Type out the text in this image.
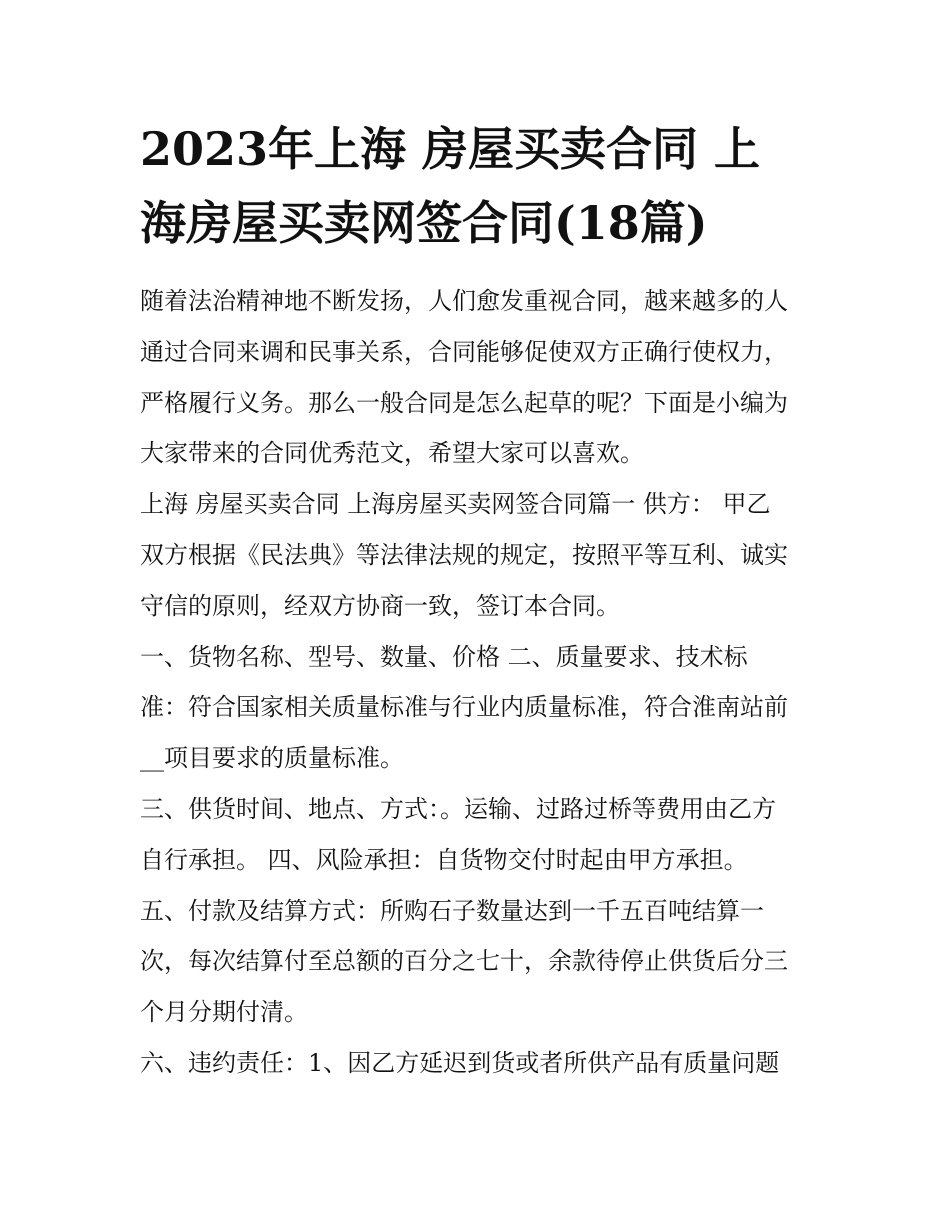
2023年上海 房屋买卖合同 上
海房屋买卖网签合同(18篇)

随着法治精神地不断发扬，人们愈发重视合同，越来越多的人
通过合同来调和民事关系，合同能够促使双方正确行使权力，
严格履行义务。那么一般合同是怎么起草的呢？下面是小编为
大家带来的合同优秀范文，希望大家可以喜欢。

上海 房屋买卖合同 上海房屋买卖网签合同篇一 供方： 甲乙
双方根据《民法典》等法律法规的规定，按照平等互利、诚实
守信的原则，经双方协商一致，签订本合同。

一、货物名称、型号、数量、价格 二、质量要求、技术标
准：符合国家相关质量标准与行业内质量标准，符合淮南站前
__项目要求的质量标准。

三、供货时间、地点、方式：。运输、过路过桥等费用由乙方
自行承担。 四、风险承担：自货物交付时起由甲方承担。

五、付款及结算方式：所购石子数量达到一千五百吨结算一
次，每次结算付至总额的百分之七十，余款待停止供货后分三
个月分期付清。

六、违约责任：1、因乙方延迟到货或者所供产品有质量问题
